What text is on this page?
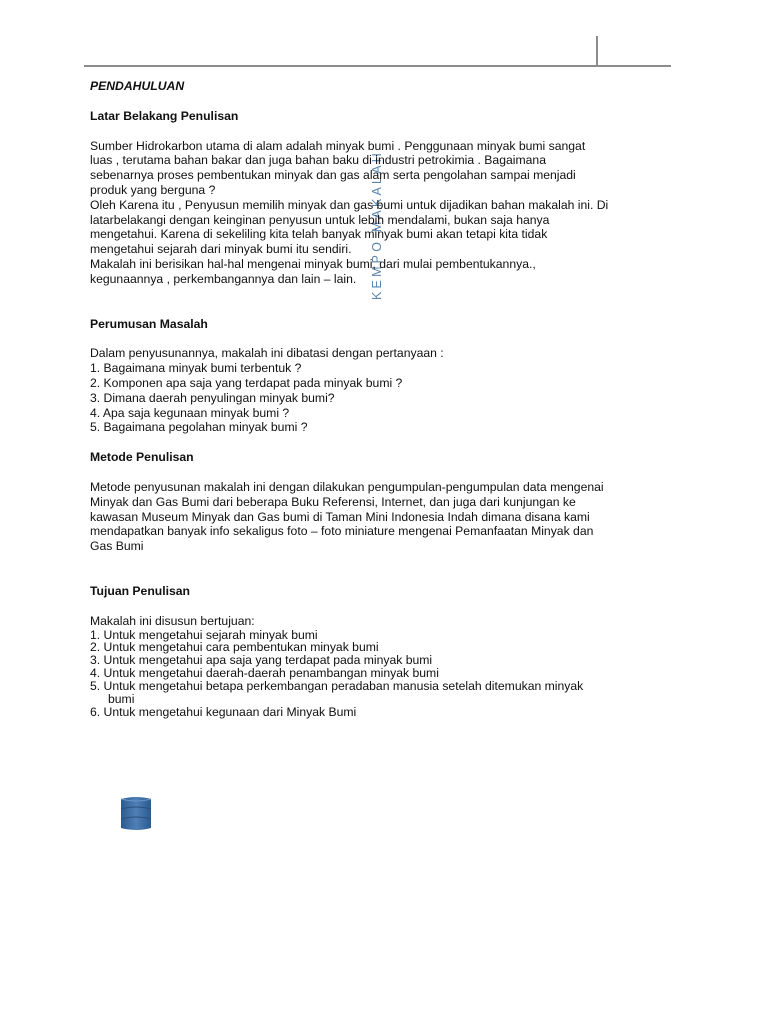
KEMPO MAKALAH

PENDAHULUAN

Latar Belakang Penulisan

Sumber Hidrokarbon utama di alam adalah minyak bumi . Penggunaan minyak bumi sangat

luas , terutama bahan bakar dan juga bahan baku di industri petrokimia . Bagaimana

sebenarnya proses pembentukan minyak dan gas alam serta pengolahan sampai menjadi

produk yang berguna ?

Oleh Karena itu , Penyusun memilih minyak dan gas bumi untuk dijadikan bahan makalah ini. Di

latarbelakangi dengan keinginan penyusun untuk lebih mendalami, bukan saja hanya

mengetahui. Karena di sekeliling kita telah banyak minyak bumi akan tetapi kita tidak

mengetahui sejarah dari minyak bumi itu sendiri.

Makalah ini berisikan hal-hal mengenai minyak bumi, dari mulai pembentukannya.,

kegunaannya , perkembangannya dan lain – lain.

Perumusan Masalah

Dalam penyusunannya, makalah ini dibatasi dengan pertanyaan :

1. Bagaimana minyak bumi terbentuk ?

2. Komponen apa saja yang terdapat pada minyak bumi ?

3. Dimana daerah penyulingan minyak bumi?

4. Apa saja kegunaan minyak bumi ?

5. Bagaimana pegolahan minyak bumi ?

Metode Penulisan

Metode penyusunan makalah ini dengan dilakukan pengumpulan-pengumpulan data mengenai

Minyak dan Gas Bumi dari beberapa Buku Referensi, Internet, dan juga dari kunjungan ke

kawasan Museum Minyak dan Gas bumi di Taman Mini Indonesia Indah dimana disana kami

mendapatkan banyak info sekaligus foto – foto miniature mengenai Pemanfaatan Minyak dan

Gas Bumi

Tujuan Penulisan

Makalah ini disusun bertujuan:

1. Untuk mengetahui sejarah minyak bumi

2. Untuk mengetahui cara pembentukan minyak bumi

3. Untuk mengetahui apa saja yang terdapat pada minyak bumi

4. Untuk mengetahui daerah-daerah penambangan minyak bumi

5. Untuk mengetahui betapa perkembangan peradaban manusia setelah ditemukan minyak

bumi

6. Untuk mengetahui kegunaan dari Minyak Bumi
